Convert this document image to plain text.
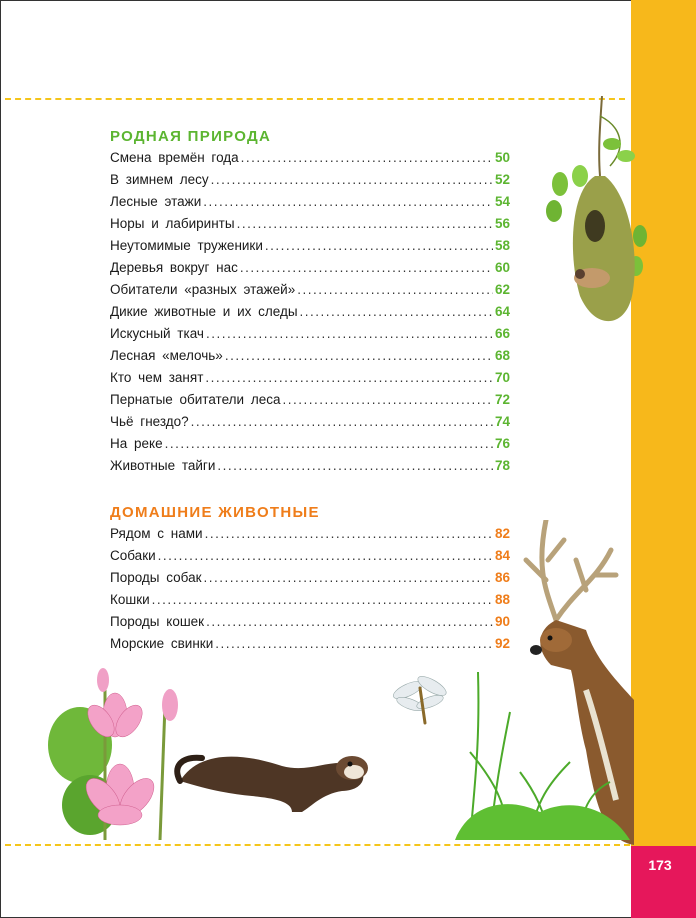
173
РОДНАЯ ПРИРОДА
Смена времён года .....	50
В зимнем лесу .....	52
Лесные этажи .....	54
Норы и лабиринты .....	56
Неутомимые труженики .....	58
Деревья вокруг нас .....	60
Обитатели «разных этажей» .....	62
Дикие животные и их следы .....	64
Искусный ткач .....	66
Лесная «мелочь» .....	68
Кто чем занят .....	70
Пернатые обитатели леса .....	72
Чьё гнездо? .....	74
На реке .....	76
Животные тайги .....	78
ДОМАШНИЕ ЖИВОТНЫЕ
Рядом с нами .....	82
Собаки .....	84
Породы собак .....	86
Кошки .....	88
Породы кошек .....	90
Морские свинки .....	92
